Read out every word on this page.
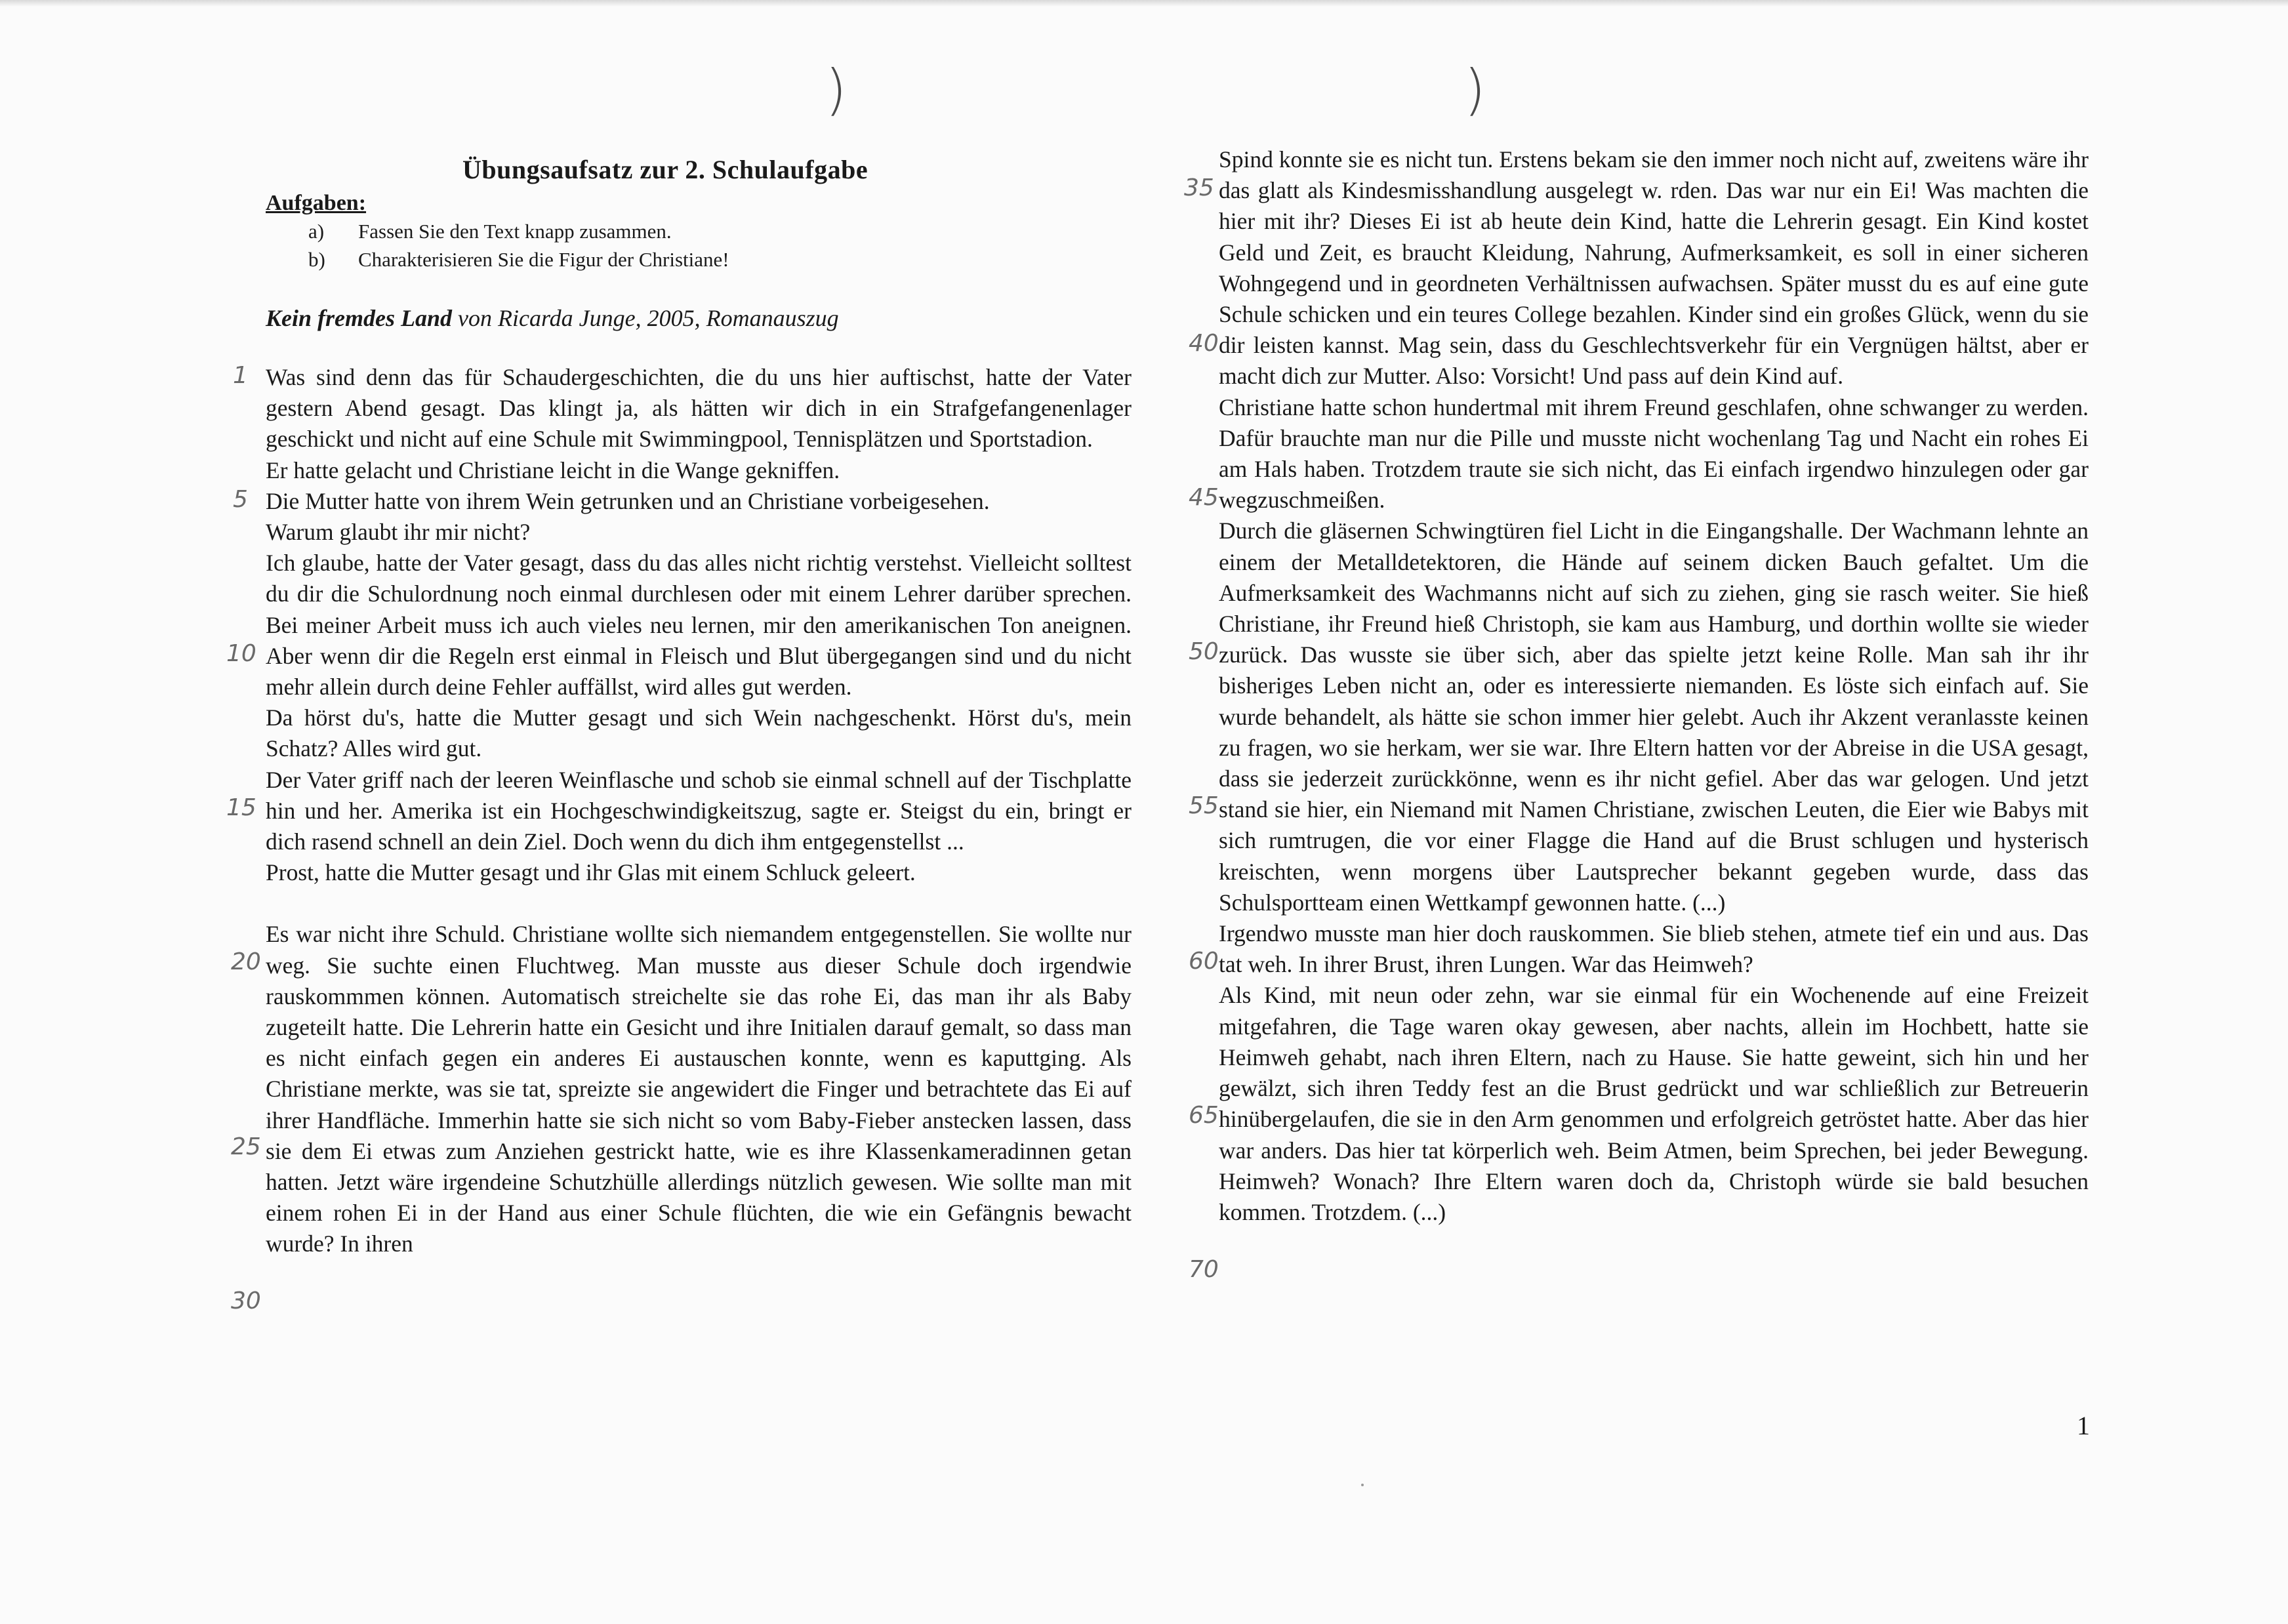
)	)
Übungsaufsatz zur 2. Schulaufgabe
Aufgaben:
a) Fassen Sie den Text knapp zusammen.
b) Charakterisieren Sie die Figur der Christiane!
Kein fremdes Land von Ricarda Junge, 2005, Romanauszug

Was sind denn das für Schaudergeschichten, die du uns hier auftischst, hatte der Vater gestern Abend gesagt. Das klingt ja, als hätten wir dich in ein Strafgefangenenlager geschickt und nicht auf eine Schule mit Swimmingpool, Tennisplätzen und Sportstadion.

Er hatte gelacht und Christiane leicht in die Wange gekniffen.

Die Mutter hatte von ihrem Wein getrunken und an Christiane vorbeigesehen.

Warum glaubt ihr mir nicht?

Ich glaube, hatte der Vater gesagt, dass du das alles nicht richtig verstehst. Vielleicht solltest du dir die Schulordnung noch einmal durchlesen oder mit einem Lehrer darüber sprechen. Bei meiner Arbeit muss ich auch vieles neu lernen, mir den amerikanischen Ton aneignen. Aber wenn dir die Regeln erst einmal in Fleisch und Blut übergegangen sind und du nicht mehr allein durch deine Fehler auffällst, wird alles gut werden.

Da hörst du's, hatte die Mutter gesagt und sich Wein nachgeschenkt. Hörst du's, mein Schatz? Alles wird gut.

Der Vater griff nach der leeren Weinflasche und schob sie einmal schnell auf der Tischplatte hin und her. Amerika ist ein Hochgeschwindigkeitszug, sagte er. Steigst du ein, bringt er dich rasend schnell an dein Ziel. Doch wenn du dich ihm entgegenstellst ...

Prost, hatte die Mutter gesagt und ihr Glas mit einem Schluck geleert.

Es war nicht ihre Schuld. Christiane wollte sich niemandem entgegenstellen. Sie wollte nur weg. Sie suchte einen Fluchtweg. Man musste aus dieser Schule doch irgendwie rauskommmen können. Automatisch streichelte sie das rohe Ei, das man ihr als Baby zugeteilt hatte. Die Lehrerin hatte ein Gesicht und ihre Initialen darauf gemalt, so dass man es nicht einfach gegen ein anderes Ei austauschen konnte, wenn es kaputtging. Als Christiane merkte, was sie tat, spreizte sie angewidert die Finger und betrachtete das Ei auf ihrer Handfläche. Immerhin hatte sie sich nicht so vom Baby-Fieber anstecken lassen, dass sie dem Ei etwas zum Anziehen gestrickt hatte, wie es ihre Klassenkameradinnen getan hatten. Jetzt wäre irgendeine Schutzhülle allerdings nützlich gewesen. Wie sollte man mit einem rohen Ei in der Hand aus einer Schule flüchten, die wie ein Gefängnis bewacht wurde? In ihren

Spind konnte sie es nicht tun. Erstens bekam sie den immer noch nicht auf, zweitens wäre ihr das glatt als Kindesmisshandlung ausgelegt w. rden. Das war nur ein Ei! Was machten die hier mit ihr? Dieses Ei ist ab heute dein Kind, hatte die Lehrerin gesagt. Ein Kind kostet Geld und Zeit, es braucht Kleidung, Nahrung, Aufmerksamkeit, es soll in einer sicheren Wohngegend und in geordneten Verhältnissen aufwachsen. Später musst du es auf eine gute Schule schicken und ein teures College bezahlen. Kinder sind ein großes Glück, wenn du sie dir leisten kannst. Mag sein, dass du Geschlechtsverkehr für ein Vergnügen hältst, aber er macht dich zur Mutter. Also: Vorsicht! Und pass auf dein Kind auf.

Christiane hatte schon hundertmal mit ihrem Freund geschlafen, ohne schwanger zu werden. Dafür brauchte man nur die Pille und musste nicht wochenlang Tag und Nacht ein rohes Ei am Hals haben. Trotzdem traute sie sich nicht, das Ei einfach irgendwo hinzulegen oder gar wegzuschmeißen.

Durch die gläsernen Schwingtüren fiel Licht in die Eingangshalle. Der Wachmann lehnte an einem der Metalldetektoren, die Hände auf seinem dicken Bauch gefaltet. Um die Aufmerksamkeit des Wachmanns nicht auf sich zu ziehen, ging sie rasch weiter. Sie hieß Christiane, ihr Freund hieß Christoph, sie kam aus Hamburg, und dorthin wollte sie wieder zurück. Das wusste sie über sich, aber das spielte jetzt keine Rolle. Man sah ihr ihr bisheriges Leben nicht an, oder es interessierte niemanden. Es löste sich einfach auf. Sie wurde behandelt, als hätte sie schon immer hier gelebt. Auch ihr Akzent veranlasste keinen zu fragen, wo sie herkam, wer sie war. Ihre Eltern hatten vor der Abreise in die USA gesagt, dass sie jederzeit zurückkönne, wenn es ihr nicht gefiel. Aber das war gelogen. Und jetzt stand sie hier, ein Niemand mit Namen Christiane, zwischen Leuten, die Eier wie Babys mit sich rumtrugen, die vor einer Flagge die Hand auf die Brust schlugen und hysterisch kreischten, wenn morgens über Lautsprecher bekannt gegeben wurde, dass das Schulsportteam einen Wettkampf gewonnen hatte. (...)

Irgendwo musste man hier doch rauskommen. Sie blieb stehen, atmete tief ein und aus. Das tat weh. In ihrer Brust, ihren Lungen. War das Heimweh?

Als Kind, mit neun oder zehn, war sie einmal für ein Wochenende auf eine Freizeit mitgefahren, die Tage waren okay gewesen, aber nachts, allein im Hochbett, hatte sie Heimweh gehabt, nach ihren Eltern, nach zu Hause. Sie hatte geweint, sich hin und her gewälzt, sich ihren Teddy fest an die Brust gedrückt und war schließlich zur Betreuerin hinübergelaufen, die sie in den Arm genommen und erfolgreich getröstet hatte. Aber das hier war anders. Das hier tat körperlich weh. Beim Atmen, beim Sprechen, bei jeder Bewegung. Heimweh? Wonach? Ihre Eltern waren doch da, Christoph würde sie bald besuchen kommen. Trotzdem. (...)

1
5
10
15
20
25
30
35
40
45
50
55
60
65
70
1
